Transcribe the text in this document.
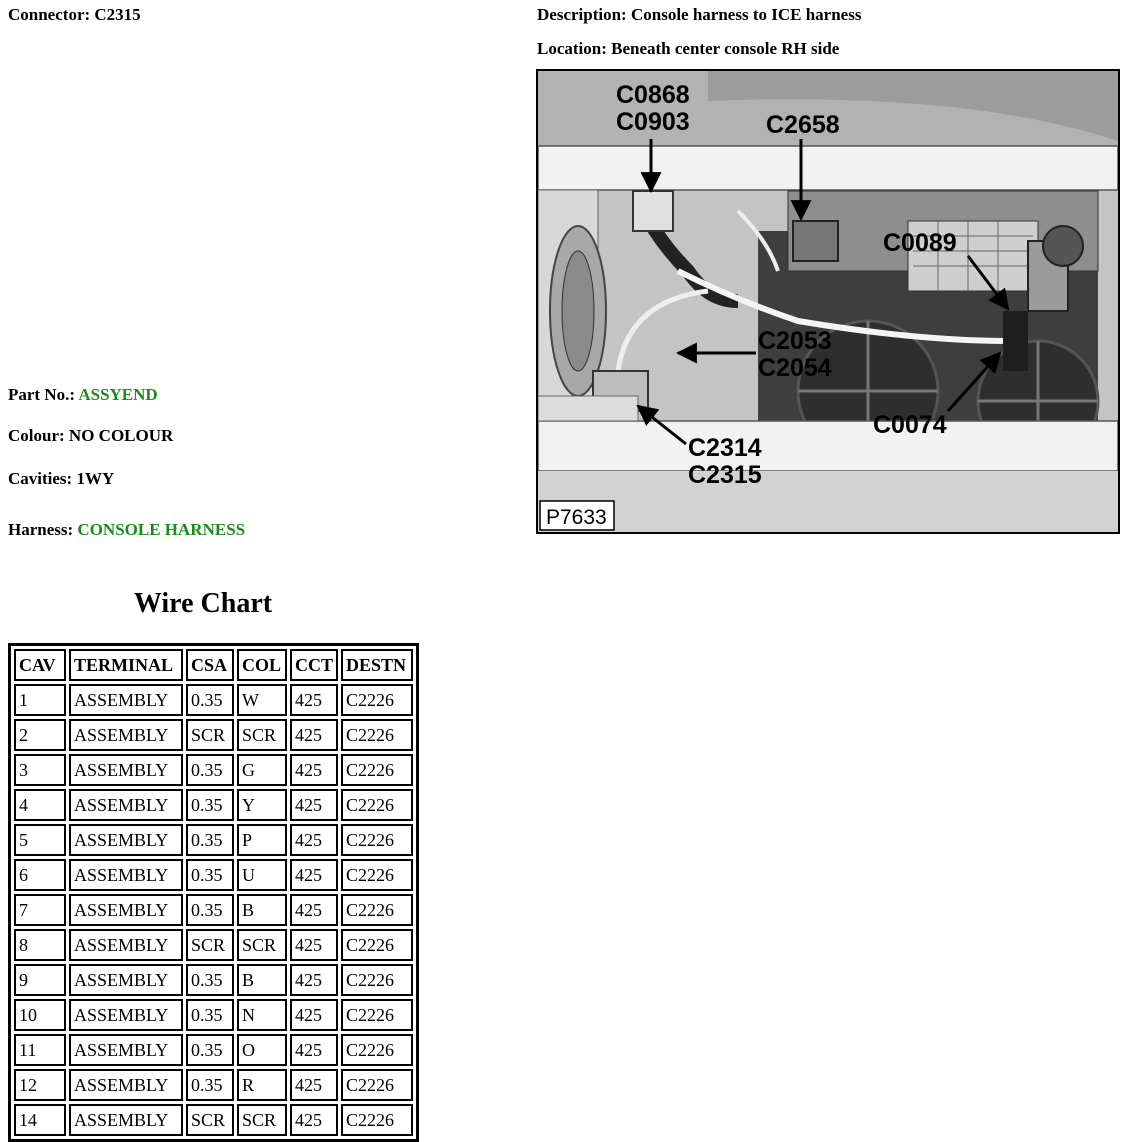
Connector: C2315	Description: Console harness to ICE harness
Location: Beneath center console RH side
Part No.: ASSYEND
Colour: NO COLOUR
Cavities: 1WY
Harness: CONSOLE HARNESS
C0868
C0903	C2658
C0089
C2053
C2054
C0074
C2314
C2315
P7633
Wire Chart
CAV	TERMINAL	CSA	COL	CCT	DESTN
1	ASSEMBLY	0.35	W	425	C2226
2	ASSEMBLY	SCR	SCR	425	C2226
3	ASSEMBLY	0.35	G	425	C2226
4	ASSEMBLY	0.35	Y	425	C2226
5	ASSEMBLY	0.35	P	425	C2226
6	ASSEMBLY	0.35	U	425	C2226
7	ASSEMBLY	0.35	B	425	C2226
8	ASSEMBLY	SCR	SCR	425	C2226
9	ASSEMBLY	0.35	B	425	C2226
10	ASSEMBLY	0.35	N	425	C2226
11	ASSEMBLY	0.35	O	425	C2226
12	ASSEMBLY	0.35	R	425	C2226
14	ASSEMBLY	SCR	SCR	425	C2226
